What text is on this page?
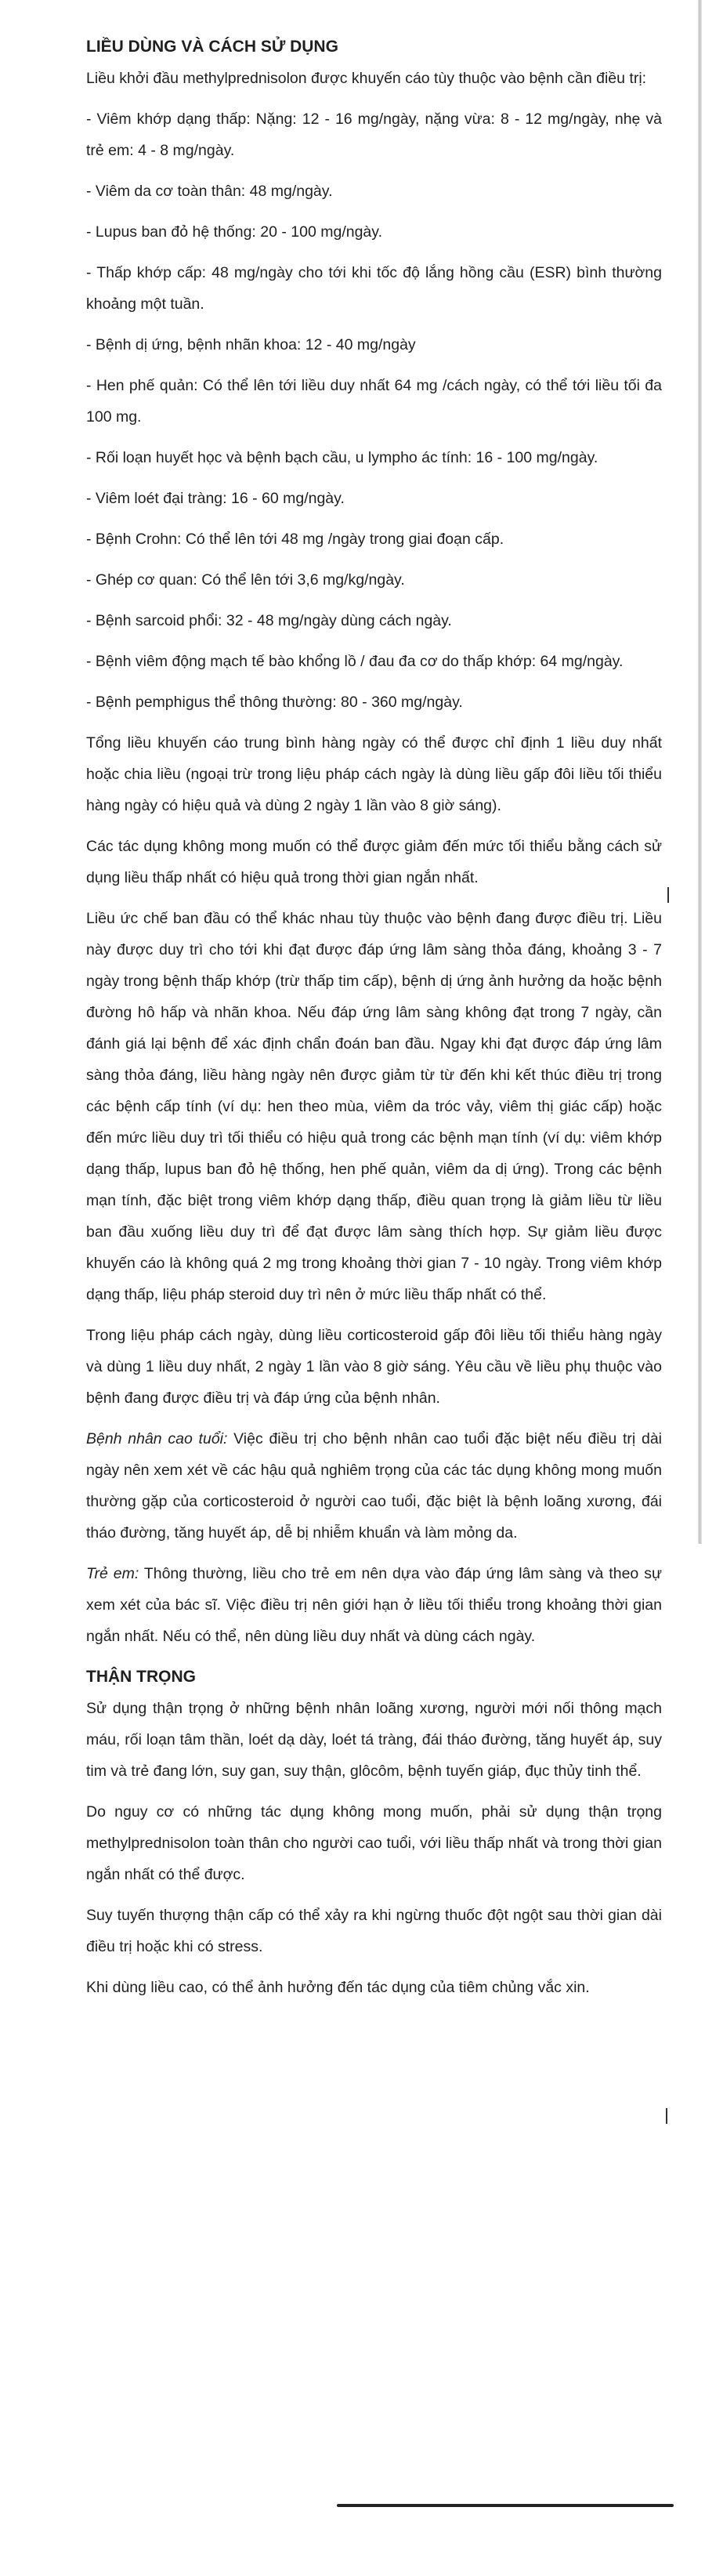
LIỀU DÙNG VÀ CÁCH SỬ DỤNG

Liều khởi đầu methylprednisolon được khuyến cáo tùy thuộc vào bệnh cần điều trị:

- Viêm khớp dạng thấp: Nặng: 12 - 16 mg/ngày, nặng vừa: 8 - 12 mg/ngày, nhẹ và trẻ em: 4 - 8 mg/ngày.

- Viêm da cơ toàn thân: 48 mg/ngày.

- Lupus ban đỏ hệ thống: 20 - 100 mg/ngày.

- Thấp khớp cấp: 48 mg/ngày cho tới khi tốc độ lắng hồng cầu (ESR) bình thường khoảng một tuần.

- Bệnh dị ứng, bệnh nhãn khoa: 12 - 40 mg/ngày

- Hen phế quản: Có thể lên tới liều duy nhất 64 mg /cách ngày, có thể tới liều tối đa 100 mg.

- Rối loạn huyết học và bệnh bạch cầu, u lympho ác tính: 16 - 100 mg/ngày.

- Viêm loét đại tràng: 16 - 60 mg/ngày.

- Bệnh Crohn: Có thể lên tới 48 mg /ngày trong giai đoạn cấp.

- Ghép cơ quan: Có thể lên tới 3,6 mg/kg/ngày.

- Bệnh sarcoid phổi: 32 - 48 mg/ngày dùng cách ngày.

- Bệnh viêm động mạch tế bào khổng lồ / đau đa cơ do thấp khớp: 64 mg/ngày.

- Bệnh pemphigus thể thông thường: 80 - 360 mg/ngày.

Tổng liều khuyến cáo trung bình hàng ngày có thể được chỉ định 1 liều duy nhất hoặc chia liều (ngoại trừ trong liệu pháp cách ngày là dùng liều gấp đôi liều tối thiểu hàng ngày có hiệu quả và dùng 2 ngày 1 lần vào 8 giờ sáng).

Các tác dụng không mong muốn có thể được giảm đến mức tối thiểu bằng cách sử dụng liều thấp nhất có hiệu quả trong thời gian ngắn nhất.

Liều ức chế ban đầu có thể khác nhau tùy thuộc vào bệnh đang được điều trị. Liều này được duy trì cho tới khi đạt được đáp ứng lâm sàng thỏa đáng, khoảng 3 - 7 ngày trong bệnh thấp khớp (trừ thấp tim cấp), bệnh dị ứng ảnh hưởng da hoặc bệnh đường hô hấp và nhãn khoa. Nếu đáp ứng lâm sàng không đạt trong 7 ngày, cần đánh giá lại bệnh để xác định chẩn đoán ban đầu. Ngay khi đạt được đáp ứng lâm sàng thỏa đáng, liều hàng ngày nên được giảm từ từ đến khi kết thúc điều trị trong các bệnh cấp tính (ví dụ: hen theo mùa, viêm da tróc vảy, viêm thị giác cấp) hoặc đến mức liều duy trì tối thiểu có hiệu quả trong các bệnh mạn tính (ví dụ: viêm khớp dạng thấp, lupus ban đỏ hệ thống, hen phế quản, viêm da dị ứng). Trong các bệnh mạn tính, đặc biệt trong viêm khớp dạng thấp, điều quan trọng là giảm liều từ liều ban đầu xuống liều duy trì để đạt được lâm sàng thích hợp. Sự giảm liều được khuyến cáo là không quá 2 mg trong khoảng thời gian 7 - 10 ngày. Trong viêm khớp dạng thấp, liệu pháp steroid duy trì nên ở mức liều thấp nhất có thể.

Trong liệu pháp cách ngày, dùng liều corticosteroid gấp đôi liều tối thiểu hàng ngày và dùng 1 liều duy nhất, 2 ngày 1 lần vào 8 giờ sáng. Yêu cầu về liều phụ thuộc vào bệnh đang được điều trị và đáp ứng của bệnh nhân.

Bệnh nhân cao tuổi: Việc điều trị cho bệnh nhân cao tuổi đặc biệt nếu điều trị dài ngày nên xem xét về các hậu quả nghiêm trọng của các tác dụng không mong muốn thường gặp của corticosteroid ở người cao tuổi, đặc biệt là bệnh loãng xương, đái tháo đường, tăng huyết áp, dễ bị nhiễm khuẩn và làm mỏng da.

Trẻ em: Thông thường, liều cho trẻ em nên dựa vào đáp ứng lâm sàng và theo sự xem xét của bác sĩ. Việc điều trị nên giới hạn ở liều tối thiểu trong khoảng thời gian ngắn nhất. Nếu có thể, nên dùng liều duy nhất và dùng cách ngày.

THẬN TRỌNG

Sử dụng thận trọng ở những bệnh nhân loãng xương, người mới nối thông mạch máu, rối loạn tâm thần, loét dạ dày, loét tá tràng, đái tháo đường, tăng huyết áp, suy tim và trẻ đang lớn, suy gan, suy thận, glôcôm, bệnh tuyến giáp, đục thủy tinh thể.

Do nguy cơ có những tác dụng không mong muốn, phải sử dụng thận trọng methylprednisolon toàn thân cho người cao tuổi, với liều thấp nhất và trong thời gian ngắn nhất có thể được.

Suy tuyến thượng thận cấp có thể xảy ra khi ngừng thuốc đột ngột sau thời gian dài điều trị hoặc khi có stress.

Khi dùng liều cao, có thể ảnh hưởng đến tác dụng của tiêm chủng vắc xin.
